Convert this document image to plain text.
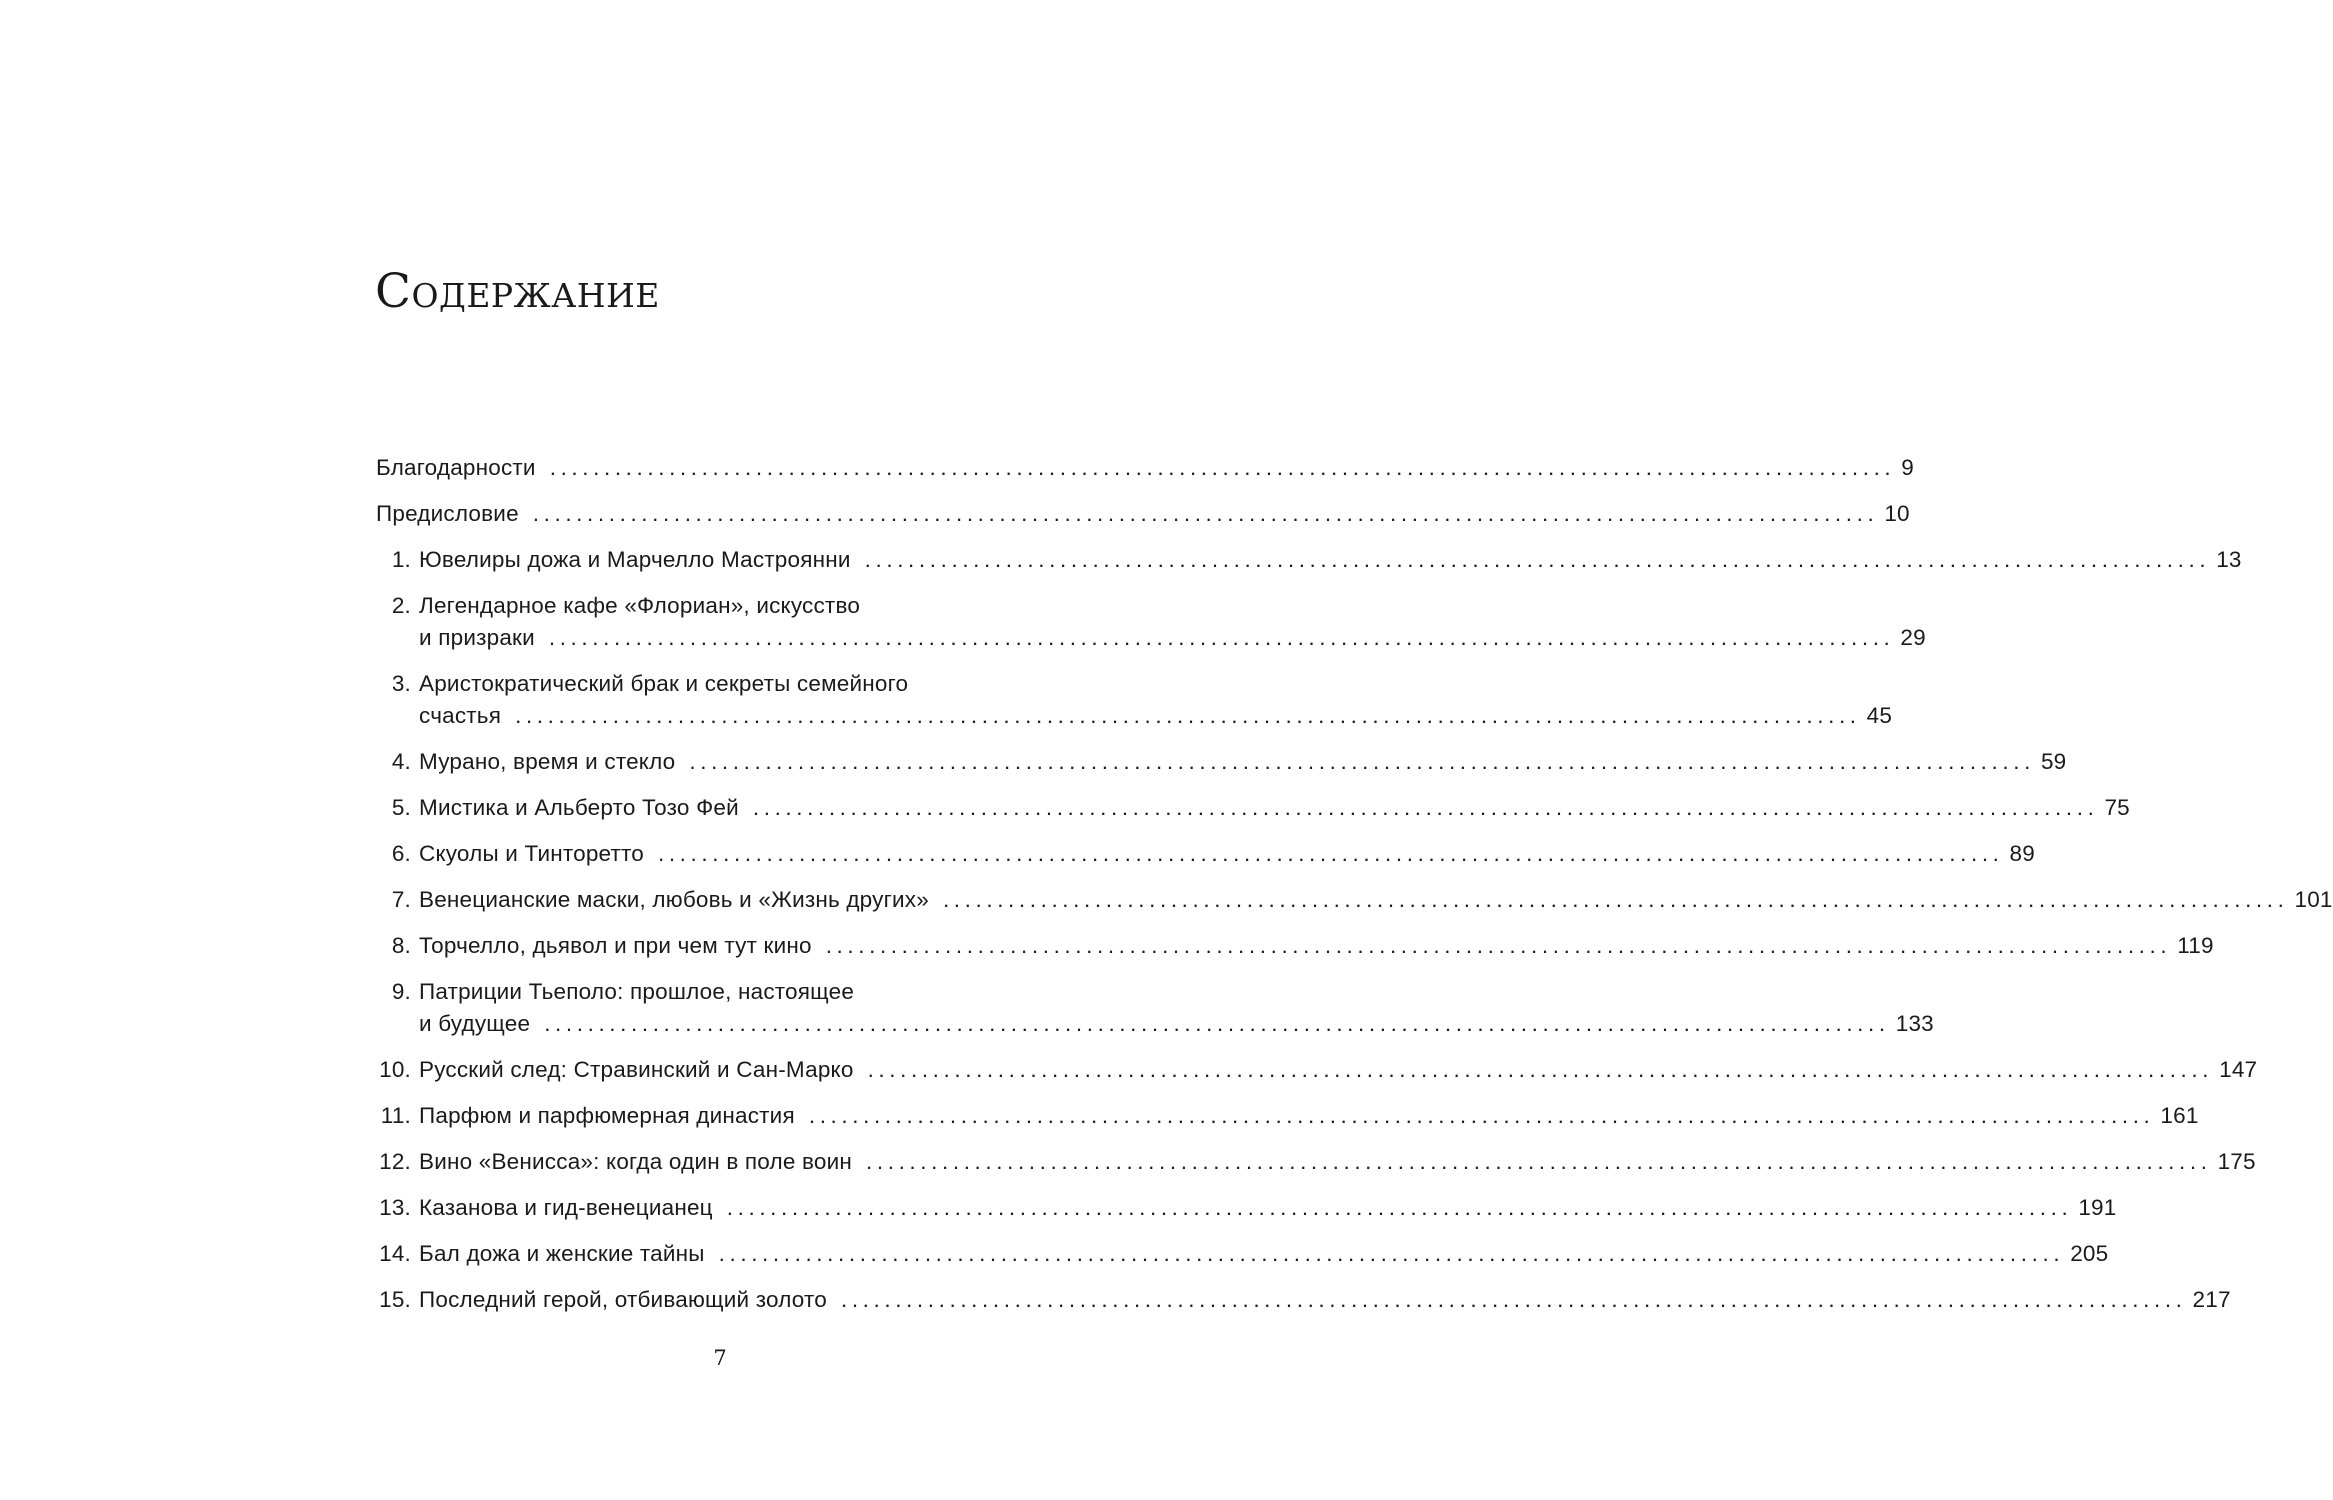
Содержание
Благодарности ............................................................................................................................ 9
Предисловие ............................................................................................................................ 10
1. Ювелиры дожа и Марчелло Мастроянни ............................................................................................................................ 13
2. Легендарное кафе «Флориан», искусство
и призраки ............................................................................................................................ 29
3. Аристократический брак и секреты семейного
счастья ............................................................................................................................ 45
4. Мурано, время и стекло ............................................................................................................................ 59
5. Мистика и Альберто Тозо Фей ............................................................................................................................ 75
6. Скуолы и Тинторетто ............................................................................................................................ 89
7. Венецианские маски, любовь и «Жизнь других» ............................................................................................................................ 101
8. Торчелло, дьявол и при чем тут кино ............................................................................................................................ 119
9. Патриции Тьеполо: прошлое, настоящее
и будущее ............................................................................................................................ 133
10. Русский след: Стравинский и Сан-Марко ............................................................................................................................ 147
11. Парфюм и парфюмерная династия ............................................................................................................................ 161
12. Вино «Венисса»: когда один в поле воин ............................................................................................................................ 175
13. Казанова и гид-венецианец ............................................................................................................................ 191
14. Бал дожа и женские тайны ............................................................................................................................ 205
15. Последний герой, отбивающий золото ............................................................................................................................ 217
7
